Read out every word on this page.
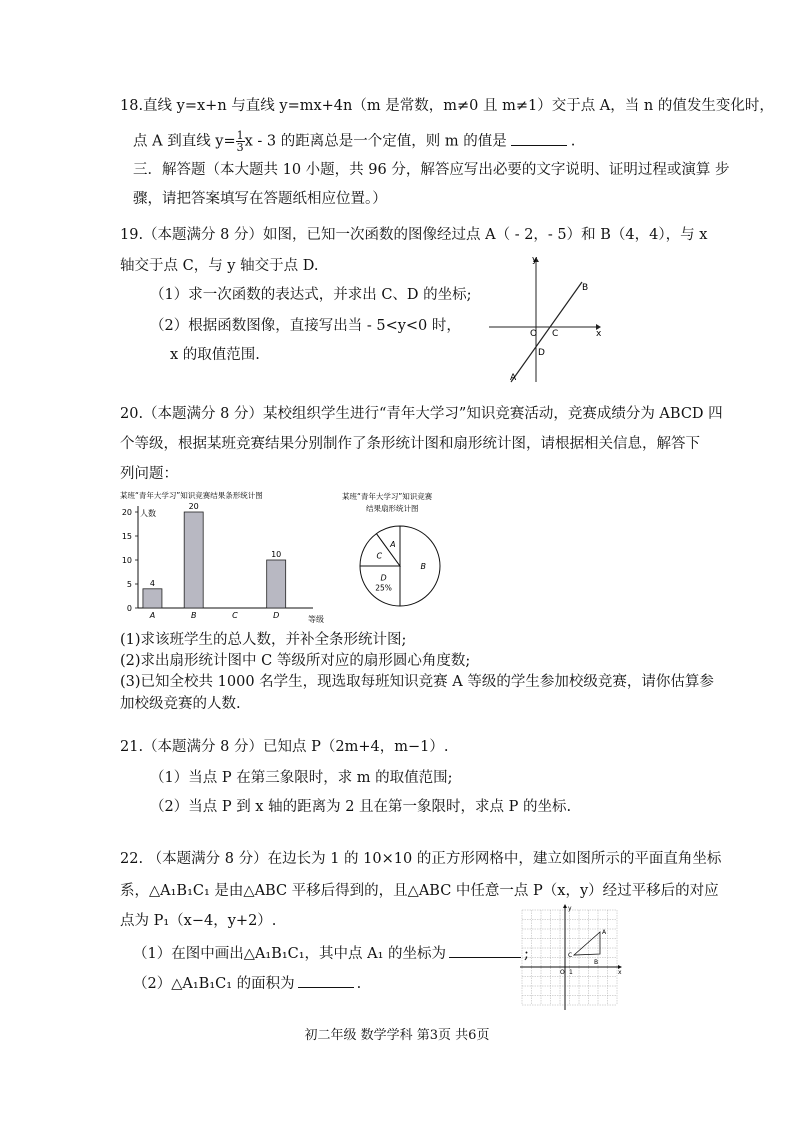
18.直线 y=x+n 与直线 y=mx+4n（m 是常数，m≠0 且 m≠1）交于点 A，当 n 的值发生变化时，
点 A 到直线 $y= \frac{1}{3}$ x - 3 的距离总是一个定值，则 m 的值是	.
三．解答题（本大题共 10 小题，共 96 分，解答应写出必要的文字说明、证明过程或演算 步
骤，请把答案填写在答题纸相应位置。）
19.（本题满分 8 分）如图，已知一次函数的图像经过点 A（ - 2，- 5）和 B（4，4），与 x
轴交于点 C，与 y 轴交于点 D.
（1）求一次函数的表达式，并求出 C、D 的坐标;
（2）根据函数图像，直接写出当 - 5<y<0 时，
x 的取值范围.
y
x
O C
D
A
B
20.（本题满分 8 分）某校组织学生进行“青年大学习”知识竞赛活动，竞赛成绩分为 ABCD 四
个等级，根据某班竞赛结果分别制作了条形统计图和扇形统计图，请根据相关信息，解答下
列问题：
某班“青年大学习”知识竞赛结果条形统计图
人数
等级
0
5
10
15
20
4
A
20
B	C
10
D
某班“青年大学习”知识竞赛
结果扇形统计图
B
D
25%
C
A
(1)求该班学生的总人数，并补全条形统计图;
(2)求出扇形统计图中 C 等级所对应的扇形圆心角度数;
(3)已知全校共 1000 名学生，现选取每班知识竞赛 A 等级的学生参加校级竞赛，请你估算参
加校级竞赛的人数.
21.（本题满分 8 分）已知点 P（2m+4，m−1）.
（1）当点 P 在第三象限时，求 m 的取值范围;
（2）当点 P 到 x 轴的距离为 2 且在第一象限时，求点 P 的坐标.
22. （本题满分 8 分）在边长为 1 的 10×10 的正方形网格中，建立如图所示的平面直角坐标
系，△A₁B₁C₁ 是由△ABC 平移后得到的，且△ABC 中任意一点 P（x，y）经过平移后的对应
点为 P₁（x−4，y+2）.
（1）在图中画出△A₁B₁C₁，其中点 A₁ 的坐标为	;
（2）△A₁B₁C₁ 的面积为	.
y
x
O 1
A
B
C
初二年级 数学学科 第3页 共6页
